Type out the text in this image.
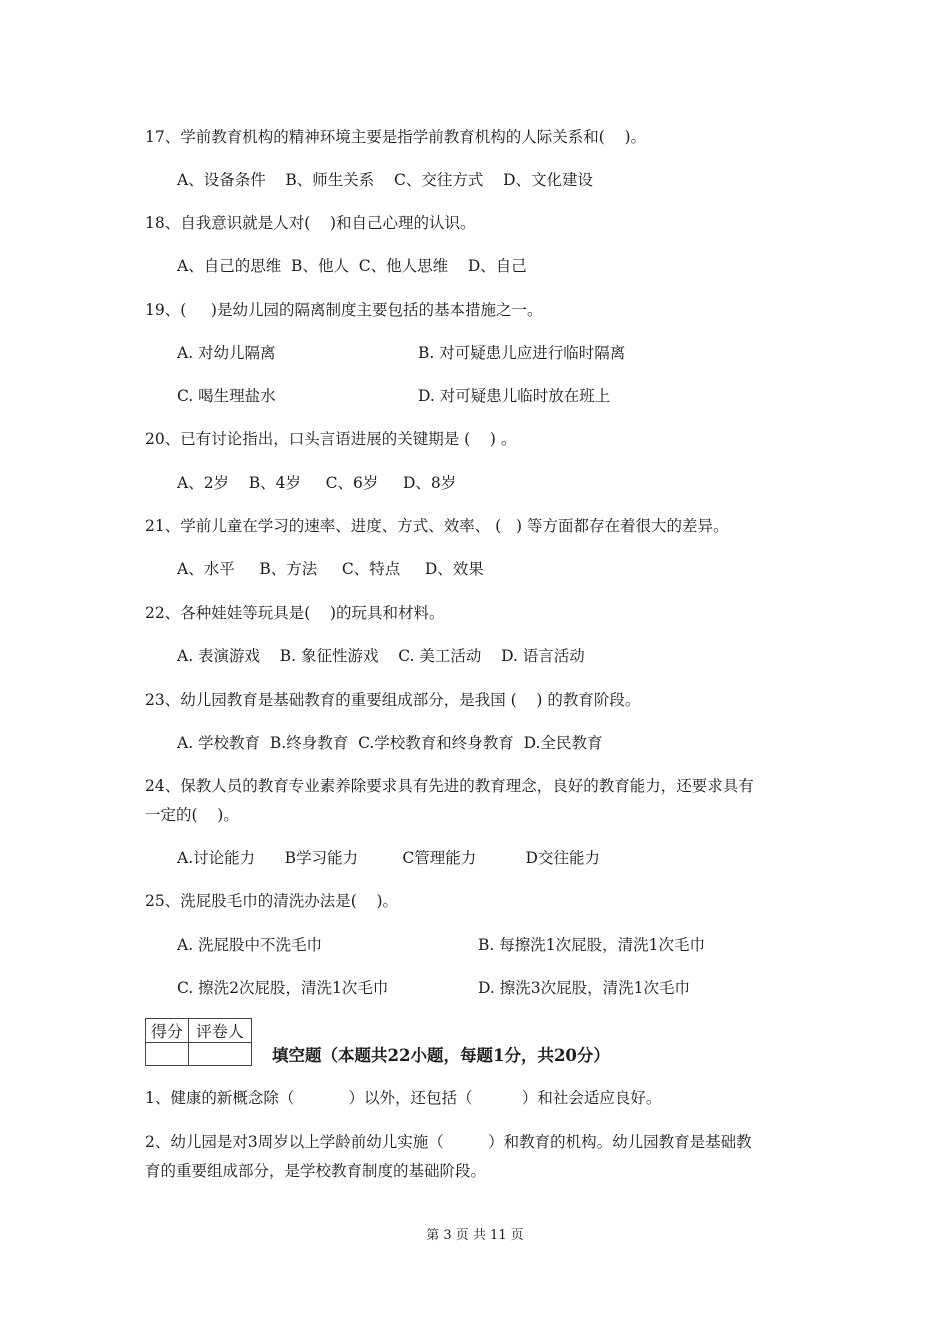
17、学前教育机构的精神环境主要是指学前教育机构的人际关系和(    )。
A、设备条件    B、师生关系    C、交往方式    D、文化建设
18、自我意识就是人对(    )和自己心理的认识。
A、自己的思维  B、他人  C、他人思维    D、自己
19、(     )是幼儿园的隔离制度主要包括的基本措施之一。
A. 对幼儿隔离	B. 对可疑患儿应进行临时隔离
C. 喝生理盐水	D. 对可疑患儿临时放在班上
20、已有讨论指出，口头言语进展的关键期是 (    ) 。
A、2岁    B、4岁     C、6岁     D、8岁
21、学前儿童在学习的速率、进度、方式、效率、 (   ) 等方面都存在着很大的差异。
A、水平     B、方法     C、特点     D、效果
22、各种娃娃等玩具是(    )的玩具和材料。
A. 表演游戏    B. 象征性游戏    C. 美工活动    D. 语言活动
23、幼儿园教育是基础教育的重要组成部分，是我国 (    ) 的教育阶段。
A. 学校教育  B.终身教育  C.学校教育和终身教育  D.全民教育
24、保教人员的教育专业素养除要求具有先进的教育理念，良好的教育能力，还要求具有
一定的(    )。
A.讨论能力      B学习能力         C管理能力          D交往能力
25、洗屁股毛巾的清洗办法是(    )。
A. 洗屁股中不洗毛巾	B. 每擦洗1次屁股，清洗1次毛巾
C. 擦洗2次屁股，清洗1次毛巾	D. 擦洗3次屁股，清洗1次毛巾
得分	评卷人

填空题（本题共22小题，每题1分，共20分）
1、健康的新概念除（           ）以外，还包括（          ）和社会适应良好。
2、幼儿园是对3周岁以上学龄前幼儿实施（         ）和教育的机构。幼儿园教育是基础教
育的重要组成部分，是学校教育制度的基础阶段。
第 3 页 共 11 页
